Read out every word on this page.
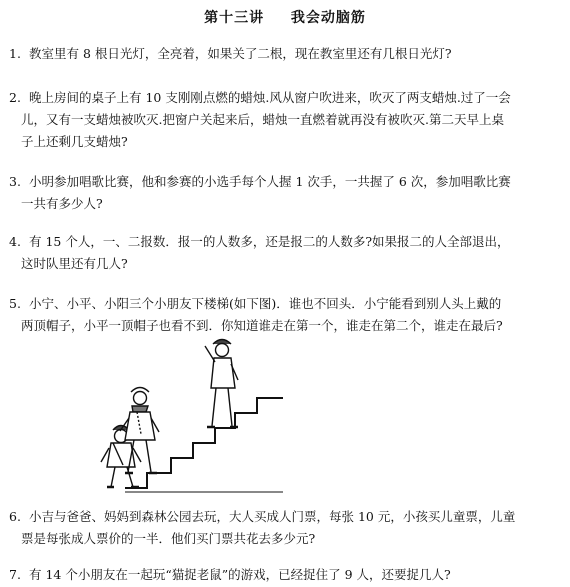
第十三讲　  我会动脑筋
1. 教室里有 8 根日光灯，全亮着，如果关了二根，现在教室里还有几根日光灯?
2. 晚上房间的桌子上有 10 支刚刚点燃的蜡烛.风从窗户吹进来，吹灭了两支蜡烛.过了一会
儿，又有一支蜡烛被吹灭.把窗户关起来后，蜡烛一直燃着就再没有被吹灭.第二天早上桌
子上还剩几支蜡烛?
3. 小明参加唱歌比赛，他和参赛的小选手每个人握 1 次手，一共握了 6 次，参加唱歌比赛
一共有多少人?
4. 有 15 个人，一、二报数．报一的人数多，还是报二的人数多?如果报二的人全部退出，
这时队里还有几人?
5. 小宁、小平、小阳三个小朋友下楼梯(如下图)．谁也不回头．小宁能看到别人头上戴的
两顶帽子，小平一顶帽子也看不到．你知道谁走在第一个，谁走在第二个，谁走在最后?
6. 小吉与爸爸、妈妈到森林公园去玩，大人买成人门票，每张 10 元，小孩买儿童票，儿童
票是每张成人票价的一半．他们买门票共花去多少元?
7. 有 14 个小朋友在一起玩“猫捉老鼠”的游戏，已经捉住了 9 人，还要捉几人?
